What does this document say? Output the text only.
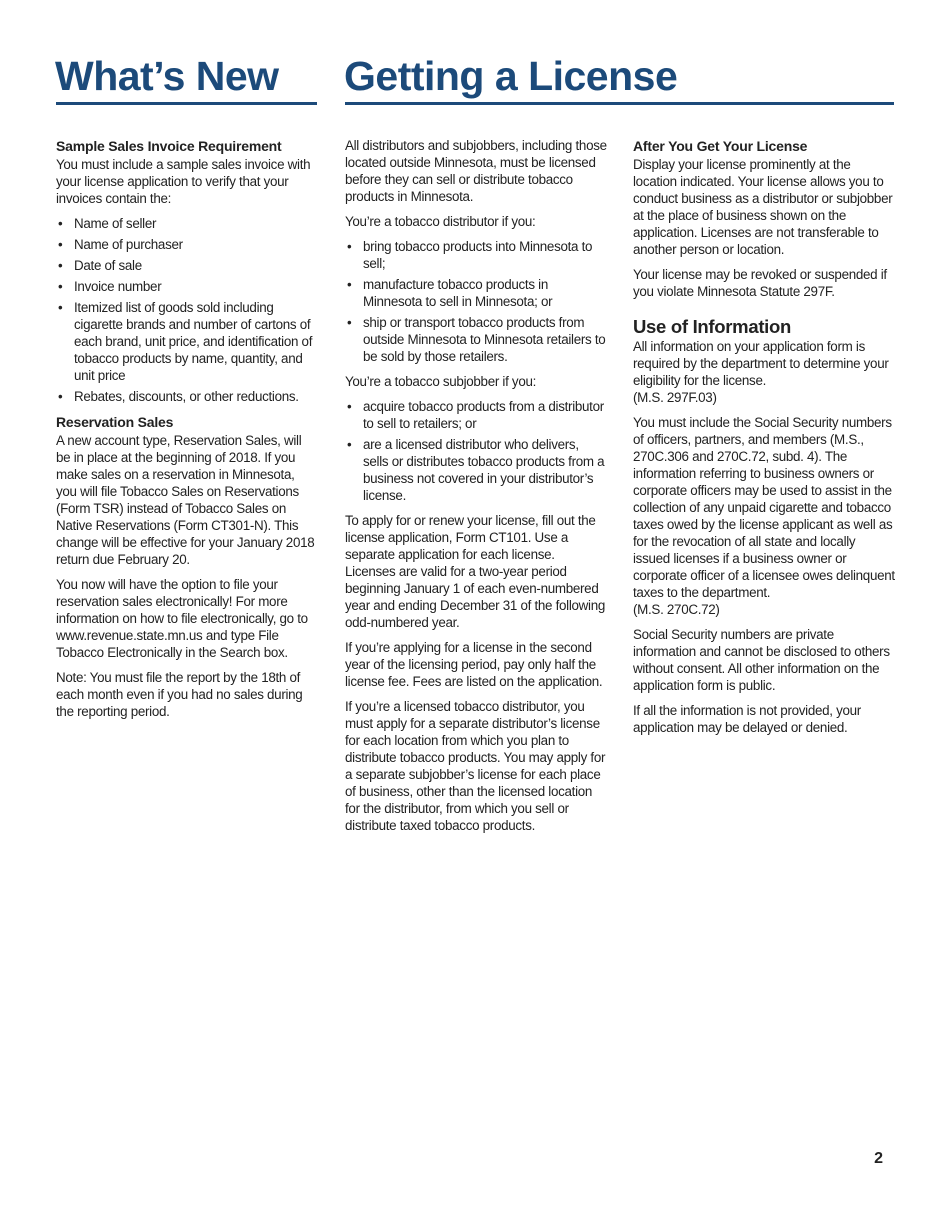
What’s New Getting a License
Sample Sales Invoice Requirement

You must include a sample sales invoice with your license application to verify that your invoices contain the:

• Name of seller
• Name of purchaser
• Date of sale
• Invoice number
• Itemized list of goods sold including cigarette brands and number of cartons of each brand, unit price, and identification of tobacco products by name, quantity, and unit price
• Rebates, discounts, or other reductions.
Reservation Sales

A new account type, Reservation Sales, will be in place at the beginning of 2018. If you make sales on a reservation in Minnesota, you will file Tobacco Sales on Reservations (Form TSR) instead of Tobacco Sales on Native Reservations (Form CT301-N). This change will be effective for your January 2018 return due February 20.

You now will have the option to file your reservation sales electronically! For more information on how to file electronically, go to www.revenue.state.mn.us and type File Tobacco Electronically in the Search box.

Note: You must file the report by the 18th of each month even if you had no sales during the reporting period.

All distributors and subjobbers, including those located outside Minnesota, must be licensed before they can sell or distribute tobacco products in Minnesota.

You’re a tobacco distributor if you:

• bring tobacco products into Minnesota to sell;
• manufacture tobacco products in Minnesota to sell in Minnesota; or
• ship or transport tobacco products from outside Minnesota to Minnesota retailers to be sold by those retailers.

You’re a tobacco subjobber if you:

• acquire tobacco products from a distributor to sell to retailers; or
• are a licensed distributor who delivers, sells or distributes tobacco products from a business not covered in your distributor’s license.

To apply for or renew your license, fill out the license application, Form CT101. Use a separate application for each license. Licenses are valid for a two-year period beginning January 1 of each even-numbered year and ending December 31 of the following odd-numbered year.

If you’re applying for a license in the second year of the licensing period, pay only half the license fee. Fees are listed on the application.

If you’re a licensed tobacco distributor, you must apply for a separate distributor’s license for each location from which you plan to distribute tobacco products. You may apply for a separate subjobber’s license for each place of business, other than the licensed location for the distributor, from which you sell or distribute taxed tobacco products.

After You Get Your License

Display your license prominently at the location indicated. Your license allows you to conduct business as a distributor or subjobber at the place of business shown on the application. Licenses are not transferable to another person or location.

Your license may be revoked or suspended if you violate Minnesota Statute 297F.

Use of Information

All information on your application form is required by the department to determine your eligibility for the license.

(M.S. 297F.03)

You must include the Social Security numbers of officers, partners, and members (M.S., 270C.306 and 270C.72, subd. 4). The information referring to business owners or corporate officers may be used to assist in the collection of any unpaid cigarette and tobacco taxes owed by the license applicant as well as for the revocation of all state and locally issued licenses if a business owner or corporate officer of a licensee owes delinquent taxes to the department.

(M.S. 270C.72)

Social Security numbers are private information and cannot be disclosed to others without consent. All other information on the application form is public.

If all the information is not provided, your application may be delayed or denied.

2
